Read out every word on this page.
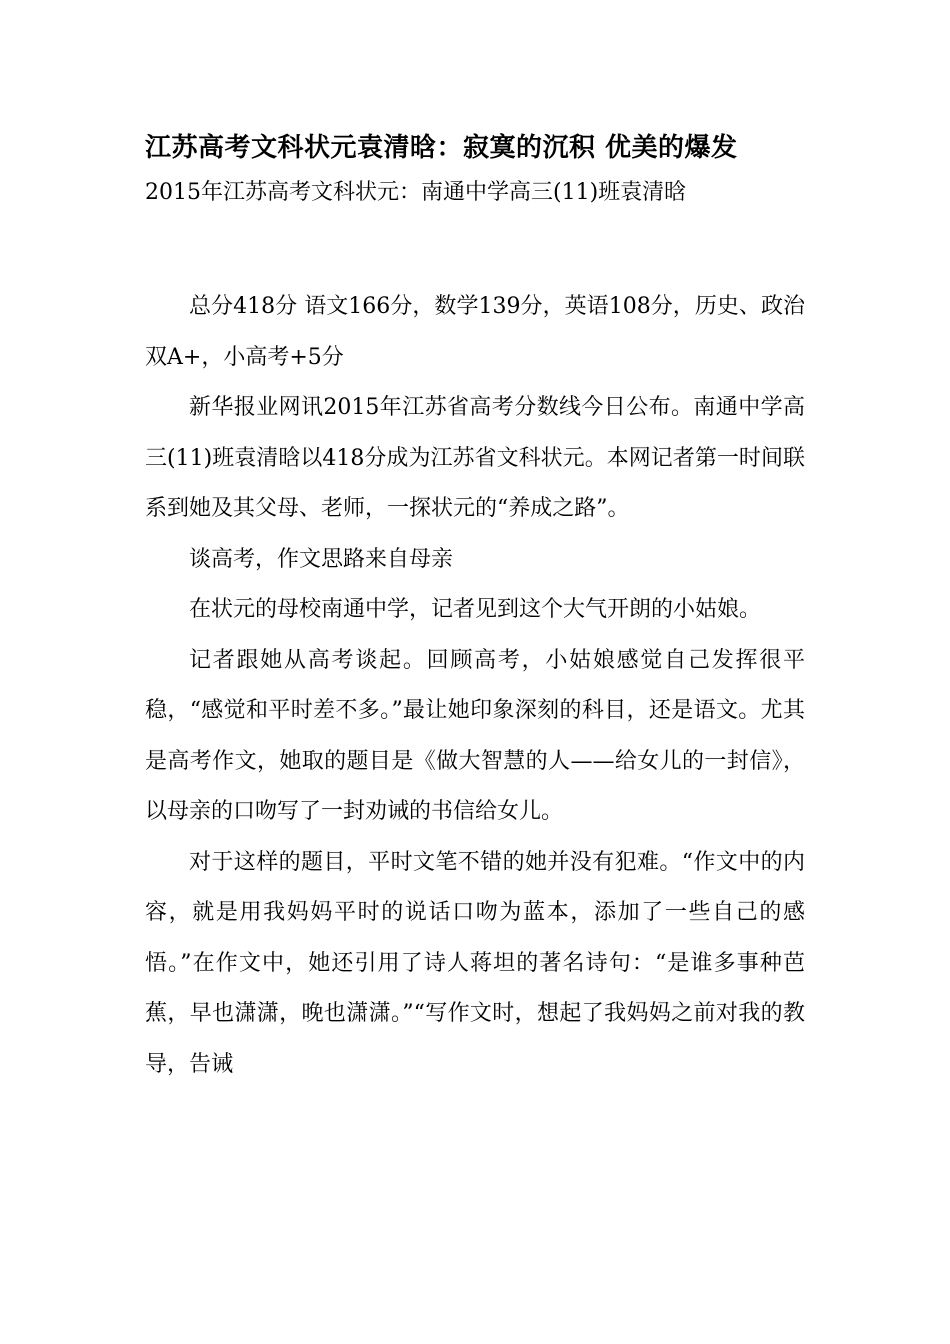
江苏高考文科状元袁清晗：寂寞的沉积 优美的爆发

2015年江苏高考文科状元：南通中学高三(11)班袁清晗

总分418分 语文166分，数学139分，英语108分，历史、政治双A+，小高考+5分

新华报业网讯2015年江苏省高考分数线今日公布。南通中学高三(11)班袁清晗以418分成为江苏省文科状元。本网记者第一时间联系到她及其父母、老师，一探状元的“养成之路”。

谈高考，作文思路来自母亲

在状元的母校南通中学，记者见到这个大气开朗的小姑娘。

记者跟她从高考谈起。回顾高考，小姑娘感觉自己发挥很平稳，“感觉和平时差不多。”最让她印象深刻的科目，还是语文。尤其是高考作文，她取的题目是《做大智慧的人——给女儿的一封信》，以母亲的口吻写了一封劝诫的书信给女儿。

对于这样的题目，平时文笔不错的她并没有犯难。“作文中的内容，就是用我妈妈平时的说话口吻为蓝本，添加了一些自己的感悟。”在作文中，她还引用了诗人蒋坦的著名诗句：“是谁多事种芭蕉，早也潇潇，晚也潇潇。”“写作文时，想起了我妈妈之前对我的教导，告诫
